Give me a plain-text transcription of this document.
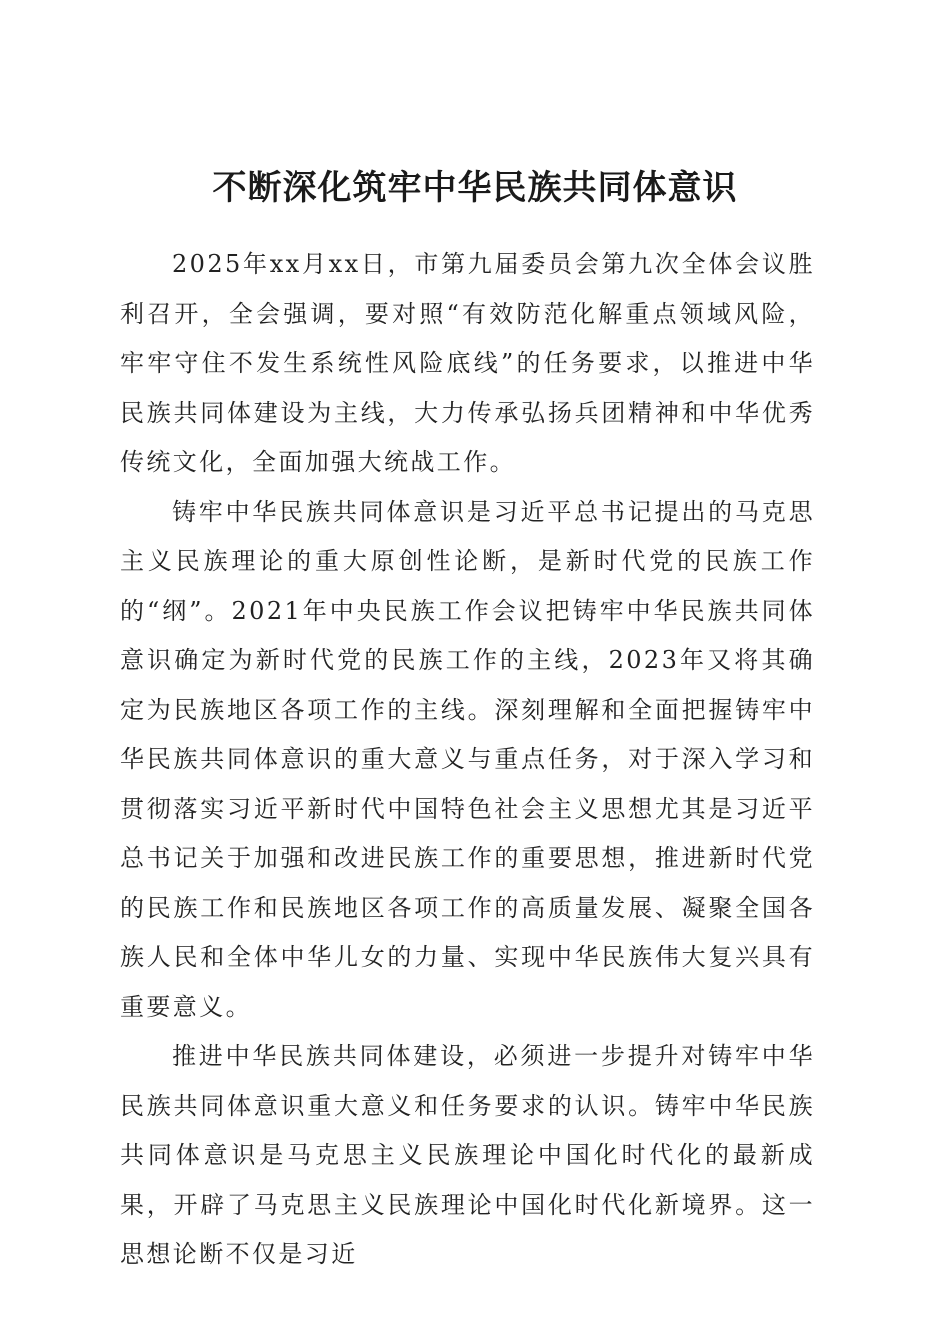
不断深化筑牢中华民族共同体意识

2025年xx月xx日，市第九届委员会第九次全体会议胜利召开，全会强调，要对照“有效防范化解重点领域风险，牢牢守住不发生系统性风险底线”的任务要求，以推进中华民族共同体建设为主线，大力传承弘扬兵团精神和中华优秀传统文化，全面加强大统战工作。

铸牢中华民族共同体意识是习近平总书记提出的马克思主义民族理论的重大原创性论断，是新时代党的民族工作的“纲”。2021年中央民族工作会议把铸牢中华民族共同体意识确定为新时代党的民族工作的主线，2023年又将其确定为民族地区各项工作的主线。深刻理解和全面把握铸牢中华民族共同体意识的重大意义与重点任务，对于深入学习和贯彻落实习近平新时代中国特色社会主义思想尤其是习近平总书记关于加强和改进民族工作的重要思想，推进新时代党的民族工作和民族地区各项工作的高质量发展、凝聚全国各族人民和全体中华儿女的力量、实现中华民族伟大复兴具有重要意义。

推进中华民族共同体建设，必须进一步提升对铸牢中华民族共同体意识重大意义和任务要求的认识。铸牢中华民族共同体意识是马克思主义民族理论中国化时代化的最新成果，开辟了马克思主义民族理论中国化时代化新境界。这一思想论断不仅是习近
